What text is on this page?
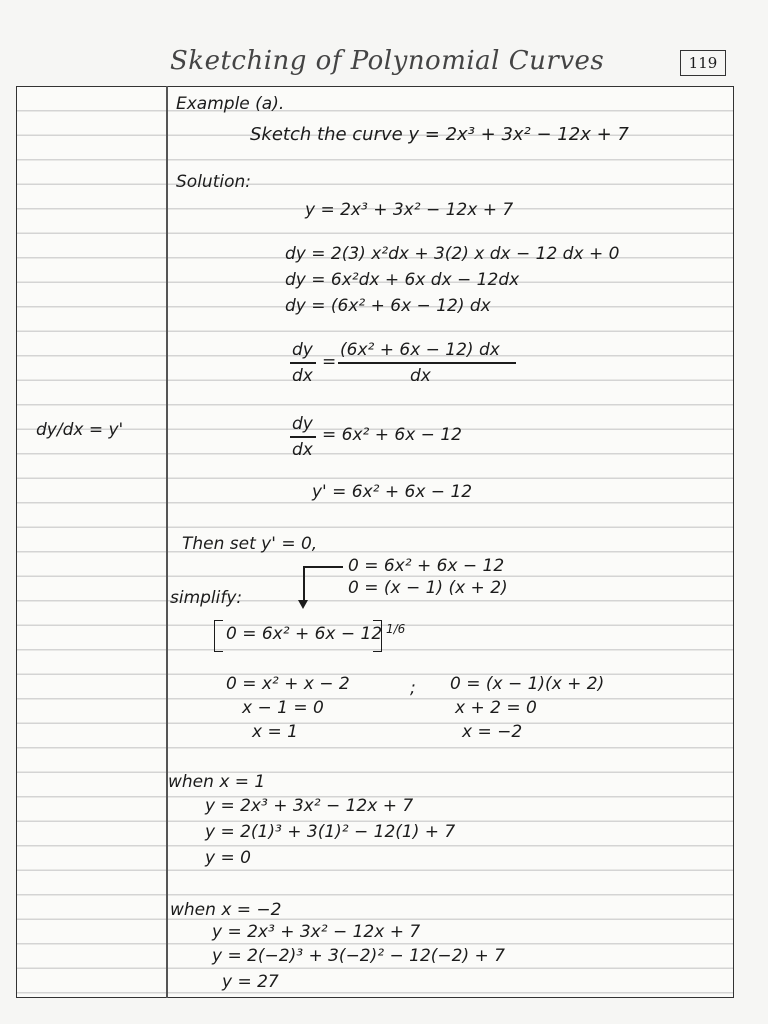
Sketching of Polynomial Curves	119
dy/dx = y'
Example (a).
Sketch the curve y = 2x³ + 3x² − 12x + 7
Solution:
y = 2x³ + 3x² − 12x + 7
dy = 2(3) x²dx + 3(2) x dx − 12 dx + 0
dy = 6x²dx + 6x dx − 12dx
dy = (6x² + 6x − 12) dx
dy
dx
=
(6x² + 6x − 12) dx
dx
dy
dx
= 6x² + 6x − 12
y' = 6x² + 6x − 12
Then set y' = 0,
0 = 6x² + 6x − 12
0 = (x − 1) (x + 2)
simplify:
0 = 6x² + 6x − 12 1/6
0 = x² + x − 2
x − 1 = 0
x = 1
; 0 = (x − 1)(x + 2)
x + 2 = 0
x = −2
when x = 1
y = 2x³ + 3x² − 12x + 7
y = 2(1)³ + 3(1)² − 12(1) + 7
y = 0
when x = −2
y = 2x³ + 3x² − 12x + 7
y = 2(−2)³ + 3(−2)² − 12(−2) + 7
y = 27
